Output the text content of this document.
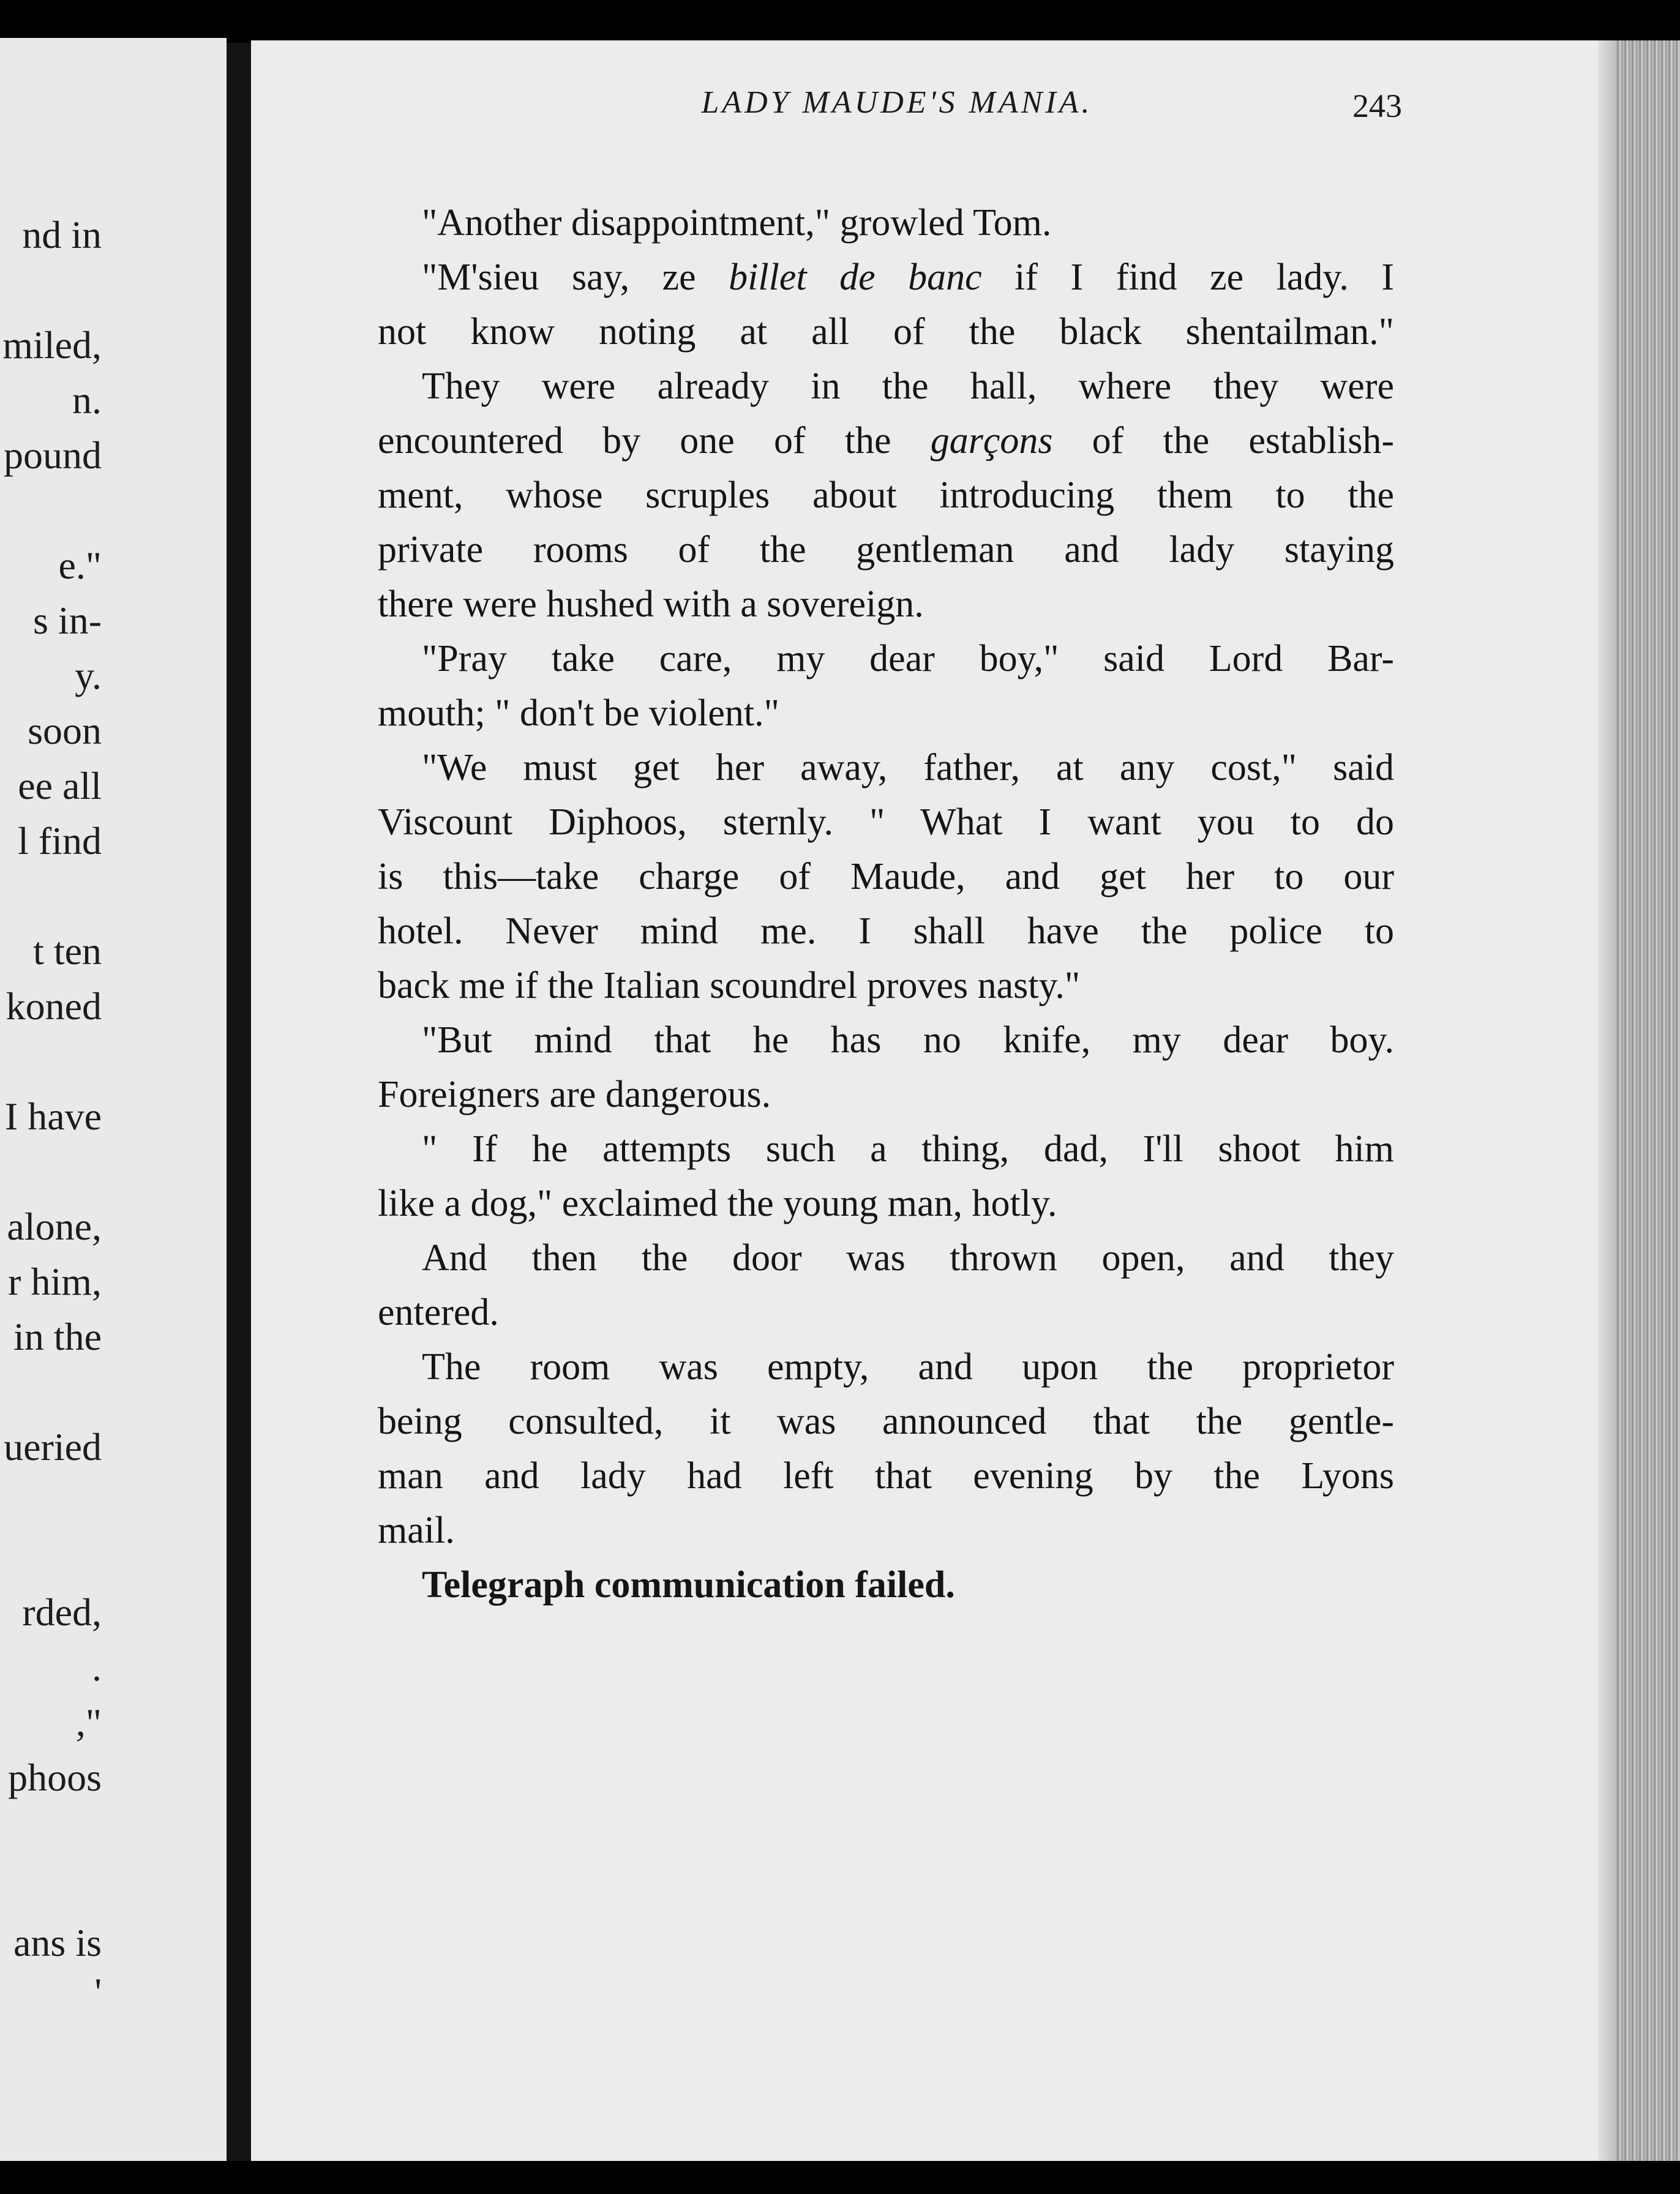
nd in
miled,
n.
pound
e."
s in-
y.
soon
ee all
l find
t ten
koned
I have
alone,
r him,
in the
ueried
rded,
.
,"
phoos
ans is
'
LADY MAUDE'S MANIA.	243
"Another disappointment," growled Tom.
"M'sieu say, ze billet de banc if I find ze lady. I
not know noting at all of the black shentailman."
They were already in the hall, where they were
encountered by one of the garçons of the establish-
ment, whose scruples about introducing them to the
private rooms of the gentleman and lady staying
there were hushed with a sovereign.
"Pray take care, my dear boy," said Lord Bar-
mouth; " don't be violent."
"We must get her away, father, at any cost," said
Viscount Diphoos, sternly. " What I want you to do
is this—take charge of Maude, and get her to our
hotel. Never mind me. I shall have the police to
back me if the Italian scoundrel proves nasty."
"But mind that he has no knife, my dear boy.
Foreigners are dangerous.
" If he attempts such a thing, dad, I'll shoot him
like a dog," exclaimed the young man, hotly.
And then the door was thrown open, and they
entered.
The room was empty, and upon the proprietor
being consulted, it was announced that the gentle-
man and lady had left that evening by the Lyons
mail.
Telegraph communication failed.
